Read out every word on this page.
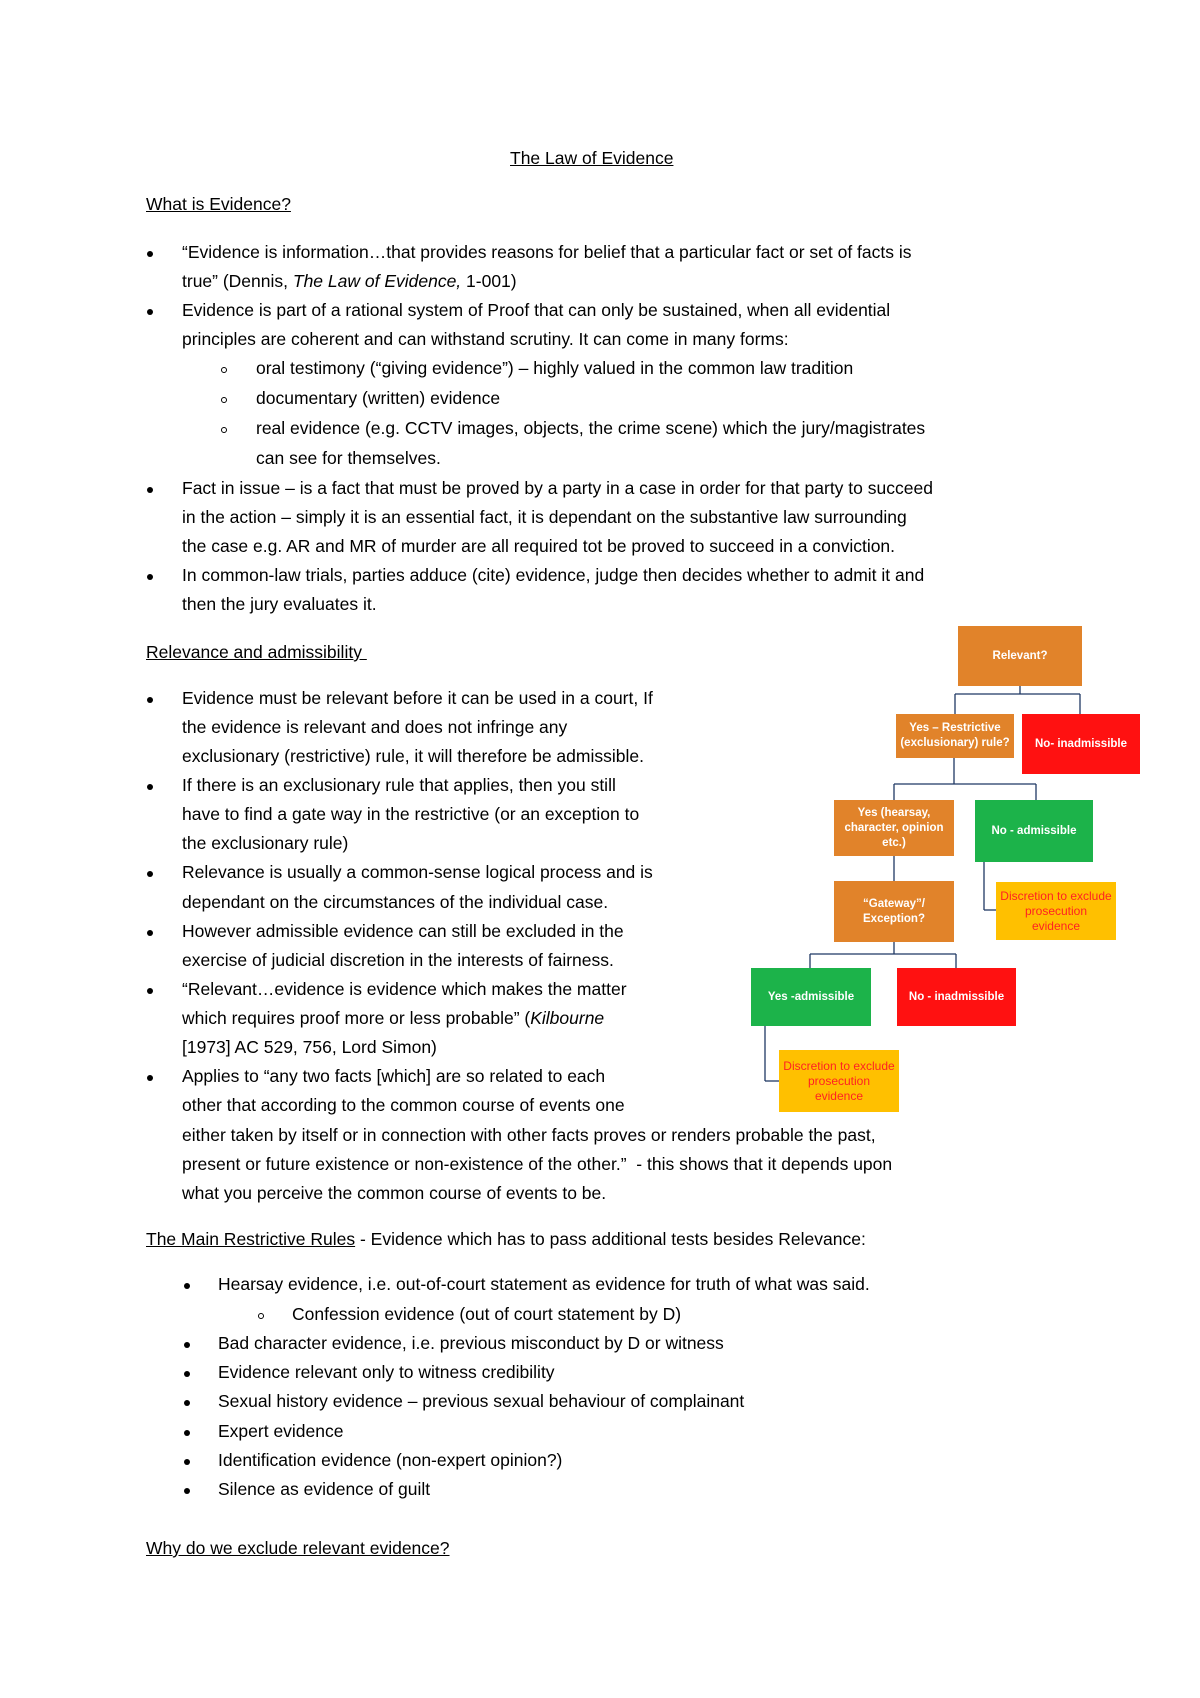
The Law of Evidence
What is Evidence?
“Evidence is information…that provides reasons for belief that a particular fact or set of facts is
true” (Dennis, The Law of Evidence, 1-001)
Evidence is part of a rational system of Proof that can only be sustained, when all evidential
principles are coherent and can withstand scrutiny. It can come in many forms:
oral testimony (“giving evidence”) – highly valued in the common law tradition
documentary (written) evidence
real evidence (e.g. CCTV images, objects, the crime scene) which the jury/magistrates
can see for themselves.
Fact in issue – is a fact that must be proved by a party in a case in order for that party to succeed
in the action – simply it is an essential fact, it is dependant on the substantive law surrounding
the case e.g. AR and MR of murder are all required tot be proved to succeed in a conviction.
In common-law trials, parties adduce (cite) evidence, judge then decides whether to admit it and
then the jury evaluates it.
Relevance and admissibility
Evidence must be relevant before it can be used in a court, If
the evidence is relevant and does not infringe any
exclusionary (restrictive) rule, it will therefore be admissible.
If there is an exclusionary rule that applies, then you still
have to find a gate way in the restrictive (or an exception to
the exclusionary rule)
Relevance is usually a common-sense logical process and is
dependant on the circumstances of the individual case.
However admissible evidence can still be excluded in the
exercise of judicial discretion in the interests of fairness.
“Relevant…evidence is evidence which makes the matter
which requires proof more or less probable” (Kilbourne
[1973] AC 529, 756, Lord Simon)
Applies to “any two facts [which] are so related to each
other that according to the common course of events one
either taken by itself or in connection with other facts proves or renders probable the past,
present or future existence or non-existence of the other.”  - this shows that it depends upon
what you perceive the common course of events to be.
The Main Restrictive Rules - Evidence which has to pass additional tests besides Relevance:
Hearsay evidence, i.e. out-of-court statement as evidence for truth of what was said.
Confession evidence (out of court statement by D)
Bad character evidence, i.e. previous misconduct by D or witness
Evidence relevant only to witness credibility
Sexual history evidence – previous sexual behaviour of complainant
Expert evidence
Identification evidence (non-expert opinion?)
Silence as evidence of guilt
Why do we exclude relevant evidence?
Relevant?
Yes – Restrictive (exclusionary) rule?	No- inadmissible
Yes (hearsay, character, opinion etc.)
No - admissible
Discretion to exclude prosecution evidence
“Gateway”/ Exception?
Yes -admissible	No - inadmissible
Discretion to exclude prosecution evidence
